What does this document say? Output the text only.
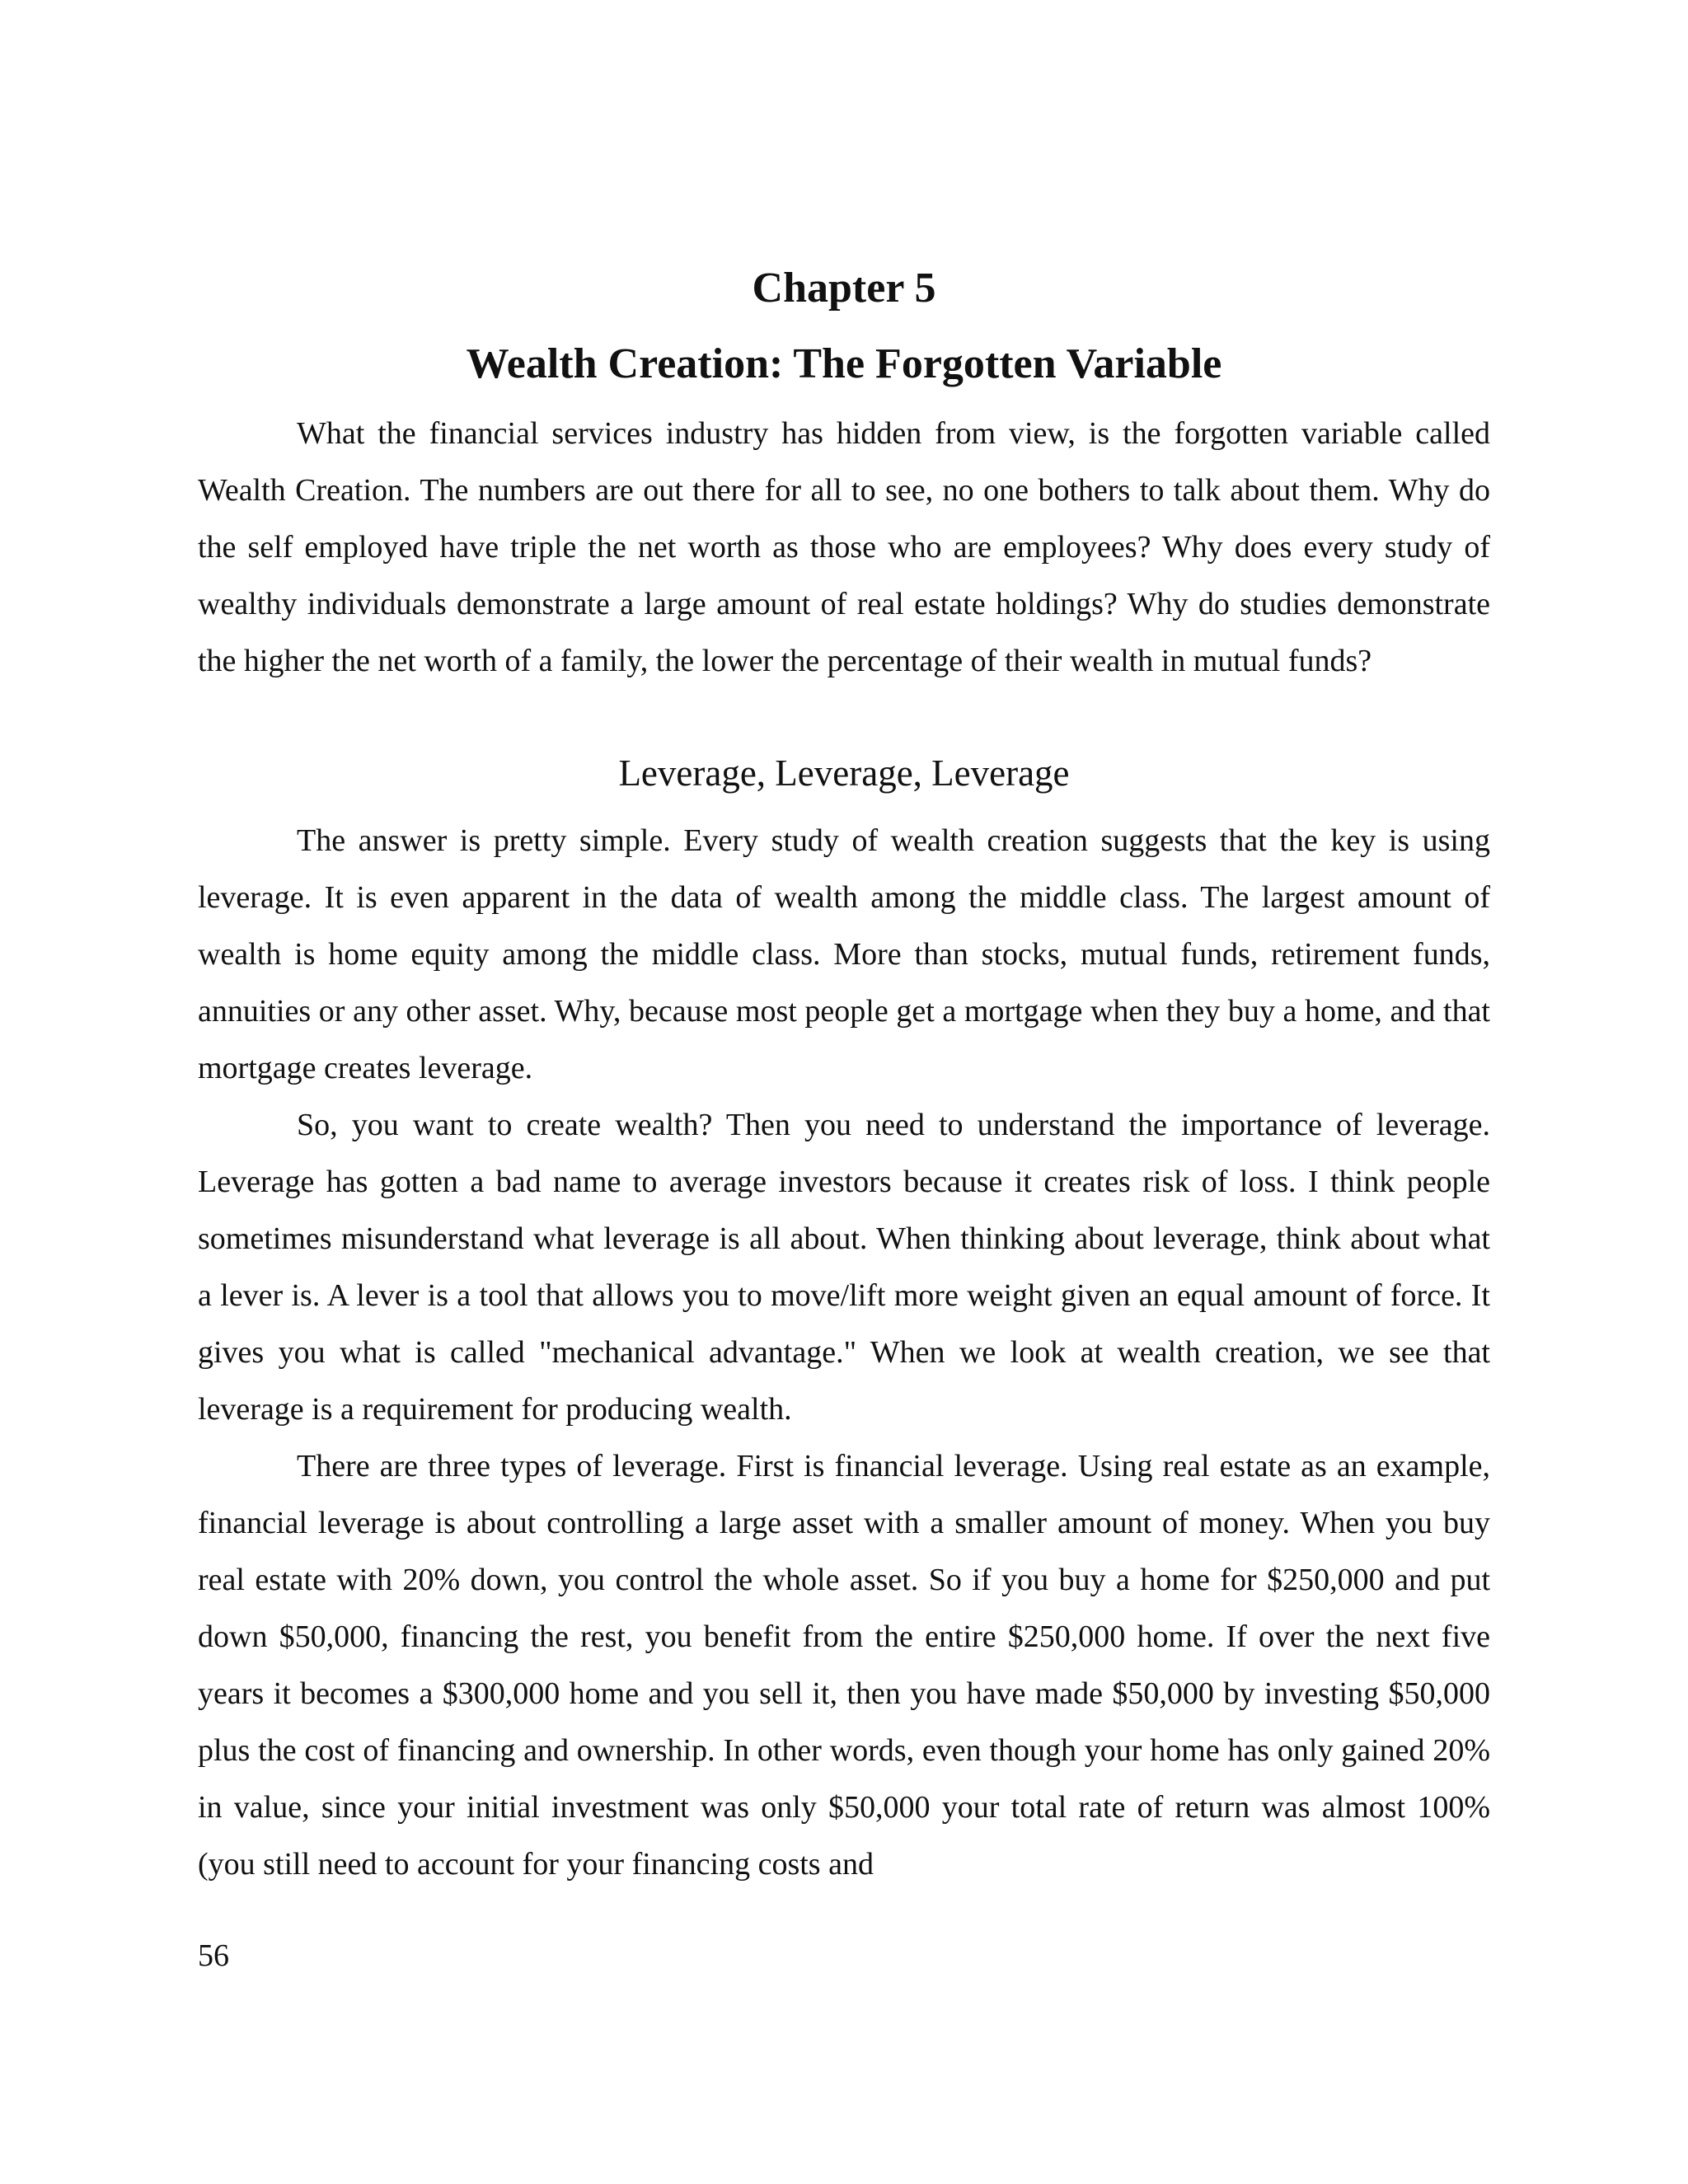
Chapter 5
Wealth Creation: The Forgotten Variable

What the financial services industry has hidden from view, is the forgotten variable called Wealth Creation. The numbers are out there for all to see, no one bothers to talk about them. Why do the self employed have triple the net worth as those who are employees? Why does every study of wealthy individuals demonstrate a large amount of real estate holdings? Why do studies demonstrate the higher the net worth of a family, the lower the percentage of their wealth in mutual funds?

Leverage, Leverage, Leverage

The answer is pretty simple. Every study of wealth creation suggests that the key is using leverage. It is even apparent in the data of wealth among the middle class. The largest amount of wealth is home equity among the middle class. More than stocks, mutual funds, retirement funds, annuities or any other asset. Why, because most people get a mortgage when they buy a home, and that mortgage creates leverage.

So, you want to create wealth? Then you need to understand the importance of leverage. Leverage has gotten a bad name to average investors because it creates risk of loss. I think people sometimes misunderstand what leverage is all about. When thinking about leverage, think about what a lever is. A lever is a tool that allows you to move/lift more weight given an equal amount of force. It gives you what is called "mechanical advantage." When we look at wealth creation, we see that leverage is a requirement for producing wealth.

There are three types of leverage. First is financial leverage. Using real estate as an example, financial leverage is about controlling a large asset with a smaller amount of money. When you buy real estate with 20% down, you control the whole asset. So if you buy a home for $250,000 and put down $50,000, financing the rest, you benefit from the entire $250,000 home. If over the next five years it becomes a $300,000 home and you sell it, then you have made $50,000 by investing $50,000 plus the cost of financing and ownership. In other words, even though your home has only gained 20% in value, since your initial investment was only $50,000 your total rate of return was almost 100% (you still need to account for your financing costs and

56
